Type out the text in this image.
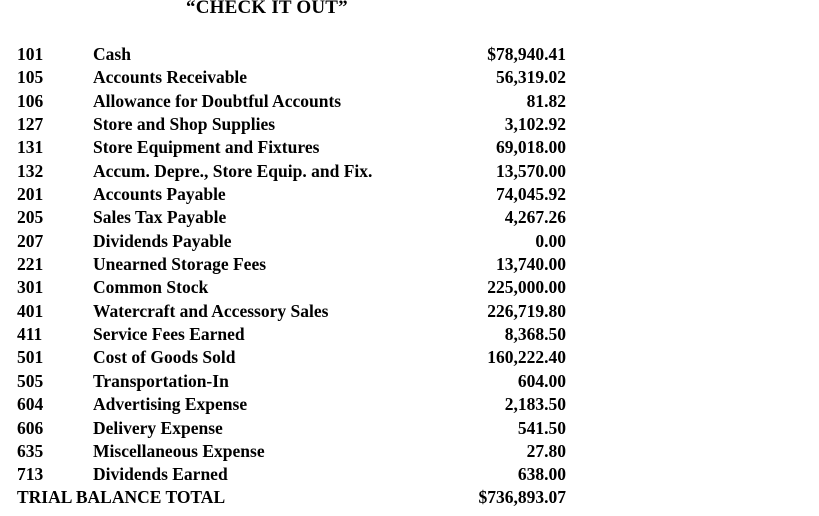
“CHECK IT OUT”
101	Cash	$78,940.41
105	Accounts Receivable	56,319.02
106	Allowance for Doubtful Accounts	81.82
127	Store and Shop Supplies	3,102.92
131	Store Equipment and Fixtures	69,018.00
132	Accum. Depre., Store Equip. and Fix.	13,570.00
201	Accounts Payable	74,045.92
205	Sales Tax Payable	4,267.26
207	Dividends Payable	0.00
221	Unearned Storage Fees	13,740.00
301	Common Stock	225,000.00
401	Watercraft and Accessory Sales	226,719.80
411	Service Fees Earned	8,368.50
501	Cost of Goods Sold	160,222.40
505	Transportation-In	604.00
604	Advertising Expense	2,183.50
606	Delivery Expense	541.50
635	Miscellaneous Expense	27.80
713	Dividends Earned	638.00
TRIAL BALANCE TOTAL	$736,893.07
